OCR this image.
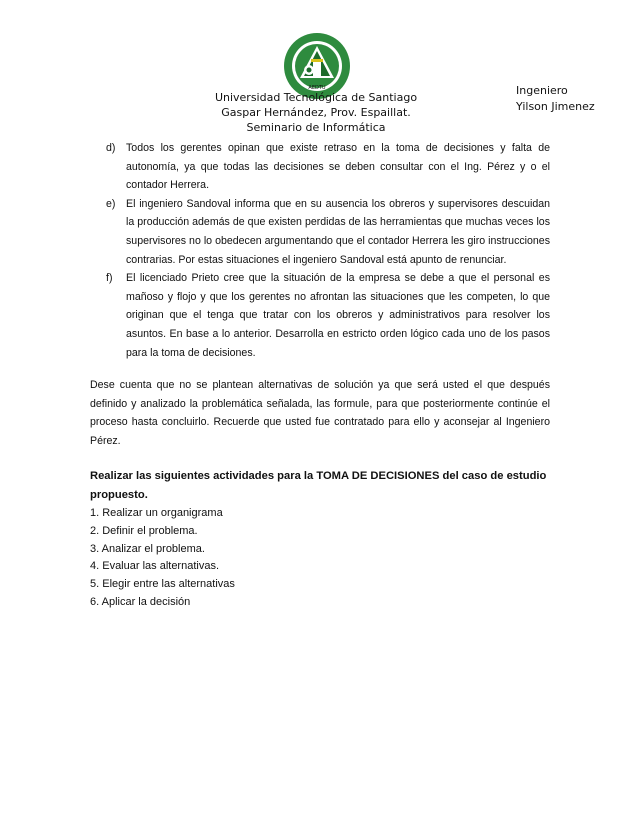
AEDTU
Universidad Tecnológica de Santiago
Gaspar Hernández, Prov. Espaillat.
Seminario de Informática
Ingeniero
Yilson Jimenez
d) Todos los gerentes opinan que existe retraso en la toma de decisiones y falta de autonomía, ya que todas las decisiones se deben consultar con el Ing. Pérez y o el contador Herrera.
e) El ingeniero Sandoval informa que en su ausencia los obreros y supervisores descuidan la producción además de que existen perdidas de las herramientas que muchas veces los supervisores no lo obedecen argumentando que el contador Herrera les giro instrucciones contrarias. Por estas situaciones el ingeniero Sandoval está apunto de renunciar.
f) El licenciado Prieto cree que la situación de la empresa se debe a que el personal es mañoso y flojo y que los gerentes no afrontan las situaciones que les competen, lo que originan que el tenga que tratar con los obreros y administrativos para resolver los asuntos. En base a lo anterior. Desarrolla en estricto orden lógico cada uno de los pasos para la toma de decisiones.

Dese cuenta que no se plantean alternativas de solución ya que será usted el que después definido y analizado la problemática señalada, las formule, para que posteriormente continúe el proceso hasta concluirlo. Recuerde que usted fue contratado para ello y aconsejar al Ingeniero Pérez.

Realizar las siguientes actividades para la TOMA DE DECISIONES del caso de estudio propuesto.

1. Realizar un organigrama
2. Definir el problema.
3. Analizar el problema.
4. Evaluar las alternativas.
5. Elegir entre las alternativas
6. Aplicar la decisión
